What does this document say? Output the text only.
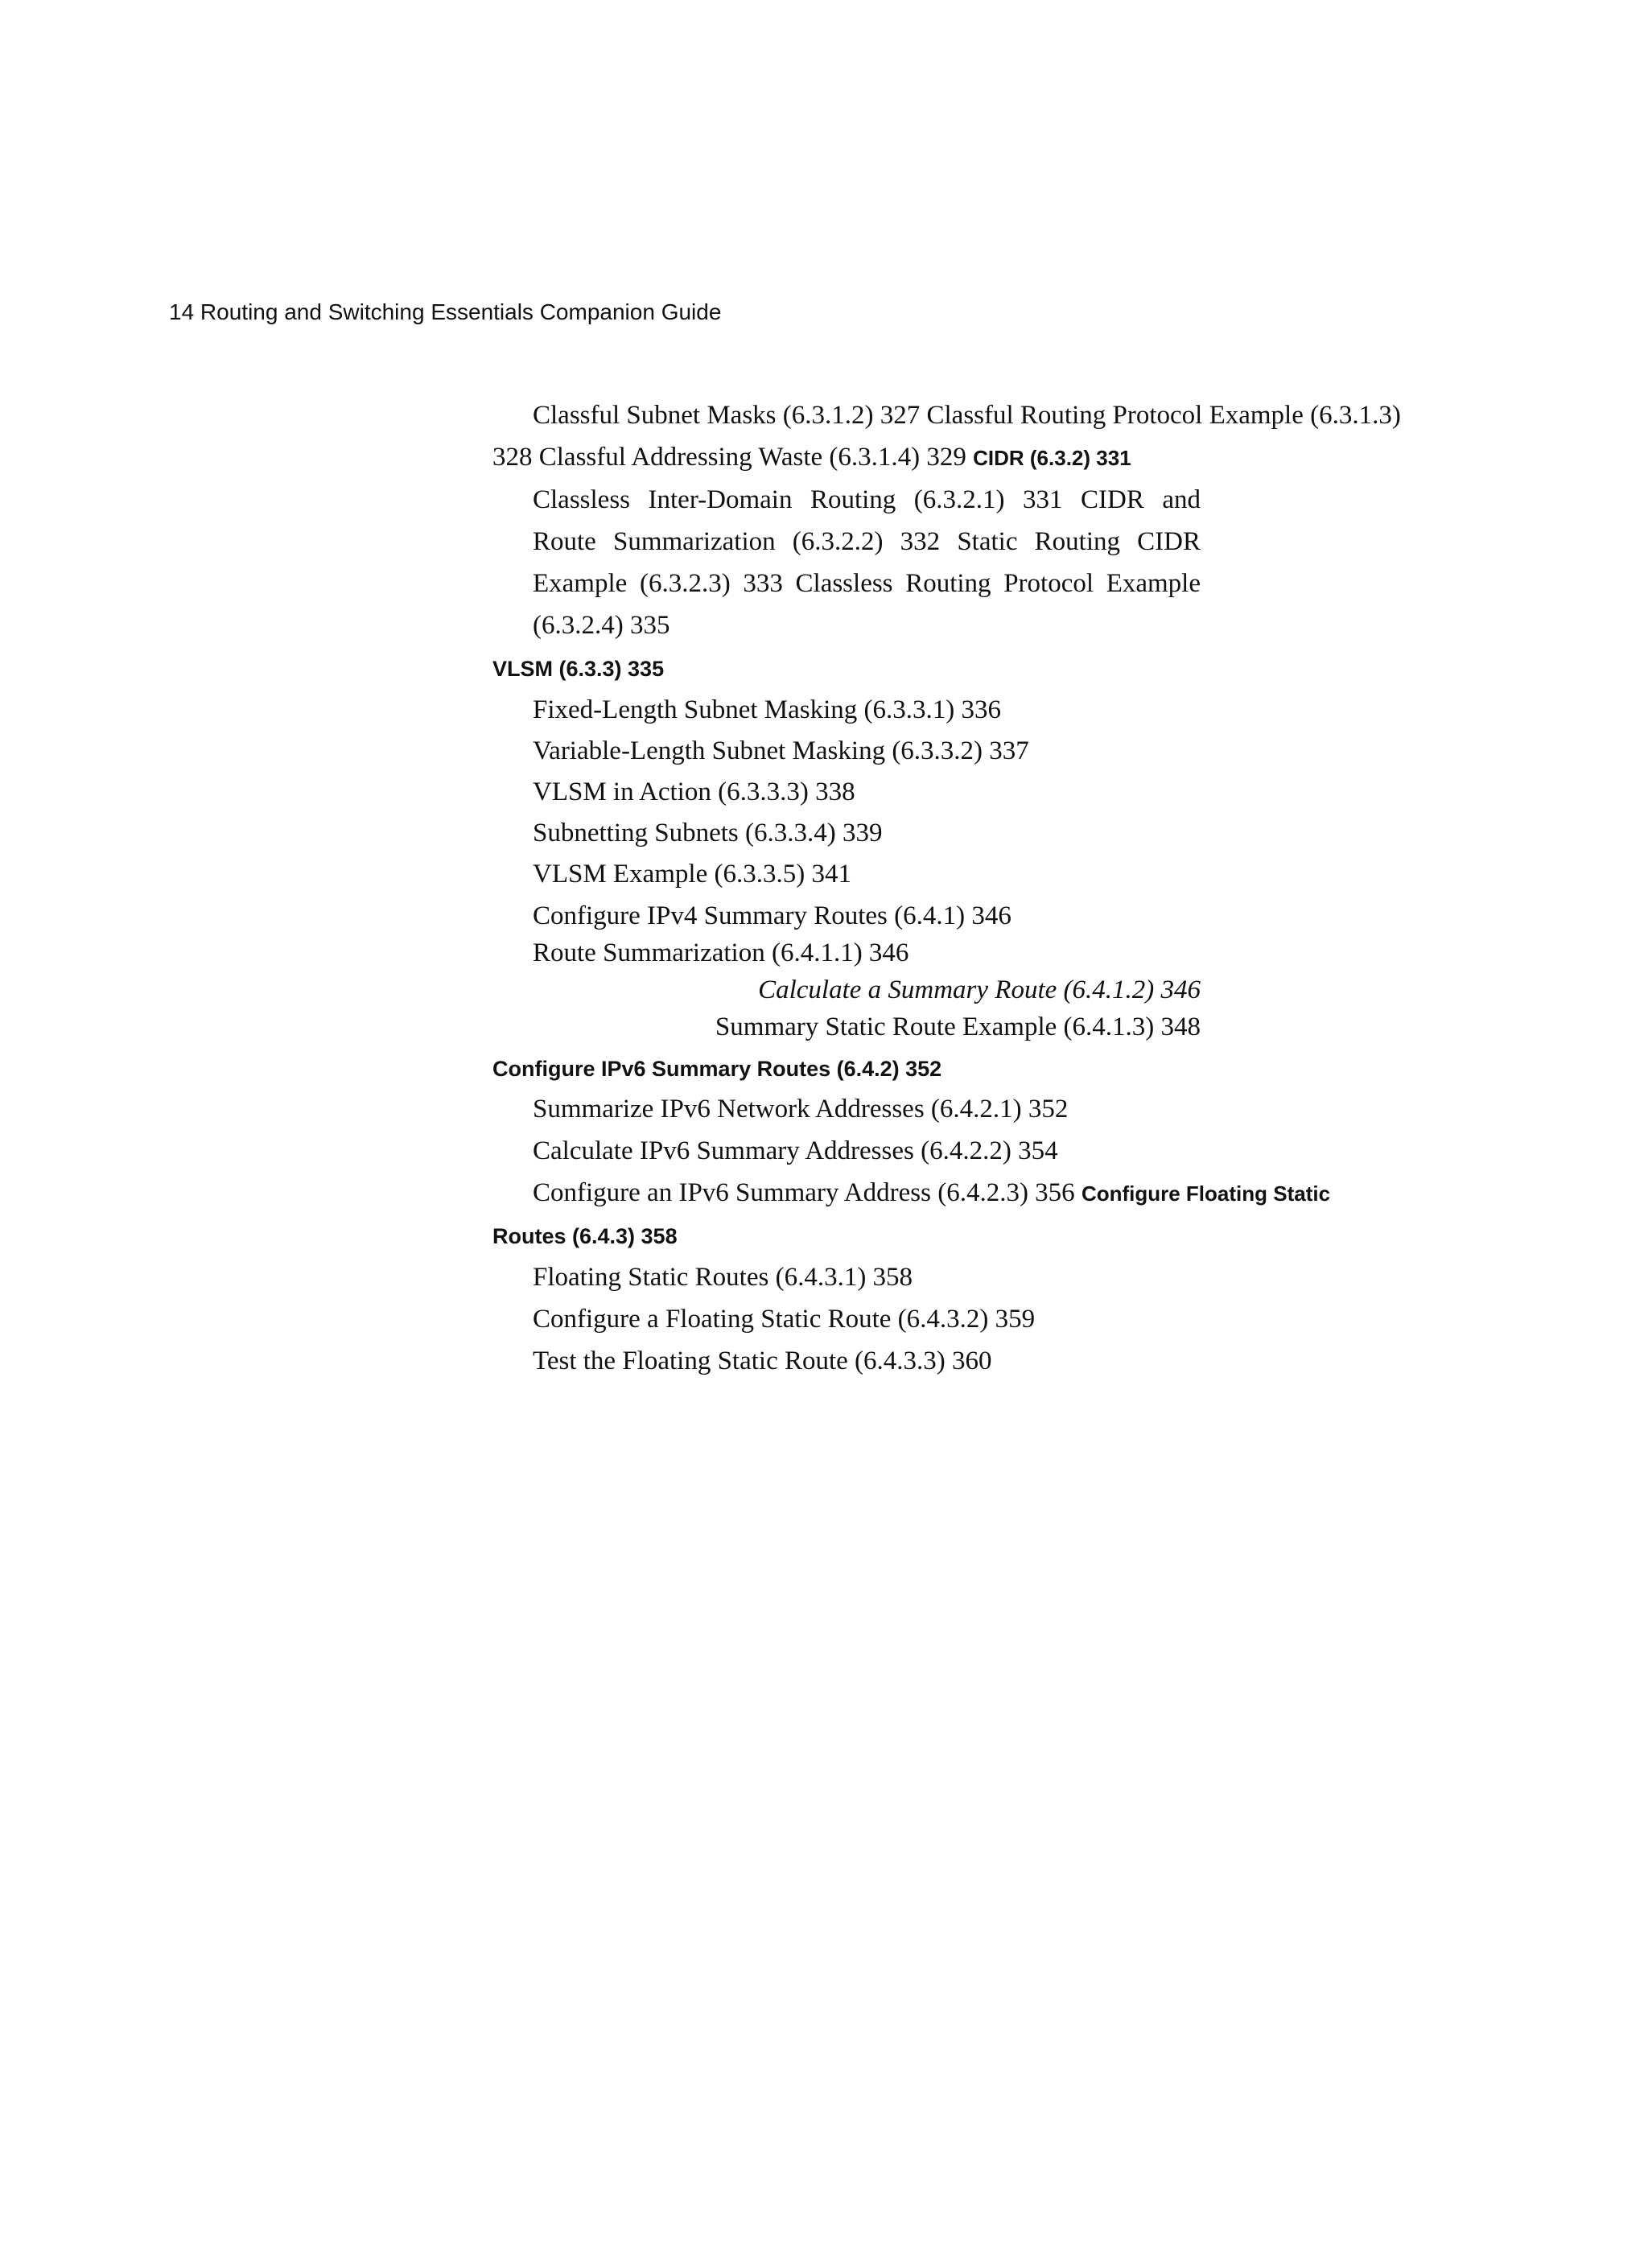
14 Routing and Switching Essentials Companion Guide
Classful Subnet Masks (6.3.1.2) 327 Classful Routing Protocol Example (6.3.1.3)
328 Classful Addressing Waste (6.3.1.4) 329 CIDR (6.3.2) 331
Classless Inter-Domain Routing (6.3.2.1) 331 CIDR and Route Summarization (6.3.2.2) 332 Static Routing CIDR Example (6.3.2.3) 333 Classless Routing Protocol Example (6.3.2.4) 335
VLSM (6.3.3) 335
Fixed-Length Subnet Masking (6.3.3.1) 336
Variable-Length Subnet Masking (6.3.3.2) 337
VLSM in Action (6.3.3.3) 338
Subnetting Subnets (6.3.3.4) 339
VLSM Example (6.3.3.5) 341
Configure IPv4 Summary Routes (6.4.1) 346
Route Summarization (6.4.1.1) 346
Calculate a Summary Route (6.4.1.2) 346
Summary Static Route Example (6.4.1.3) 348
Configure IPv6 Summary Routes (6.4.2) 352
Summarize IPv6 Network Addresses (6.4.2.1) 352
Calculate IPv6 Summary Addresses (6.4.2.2) 354
Configure an IPv6 Summary Address (6.4.2.3) 356 Configure Floating Static
Routes (6.4.3) 358
Floating Static Routes (6.4.3.1) 358
Configure a Floating Static Route (6.4.3.2) 359
Test the Floating Static Route (6.4.3.3) 360
